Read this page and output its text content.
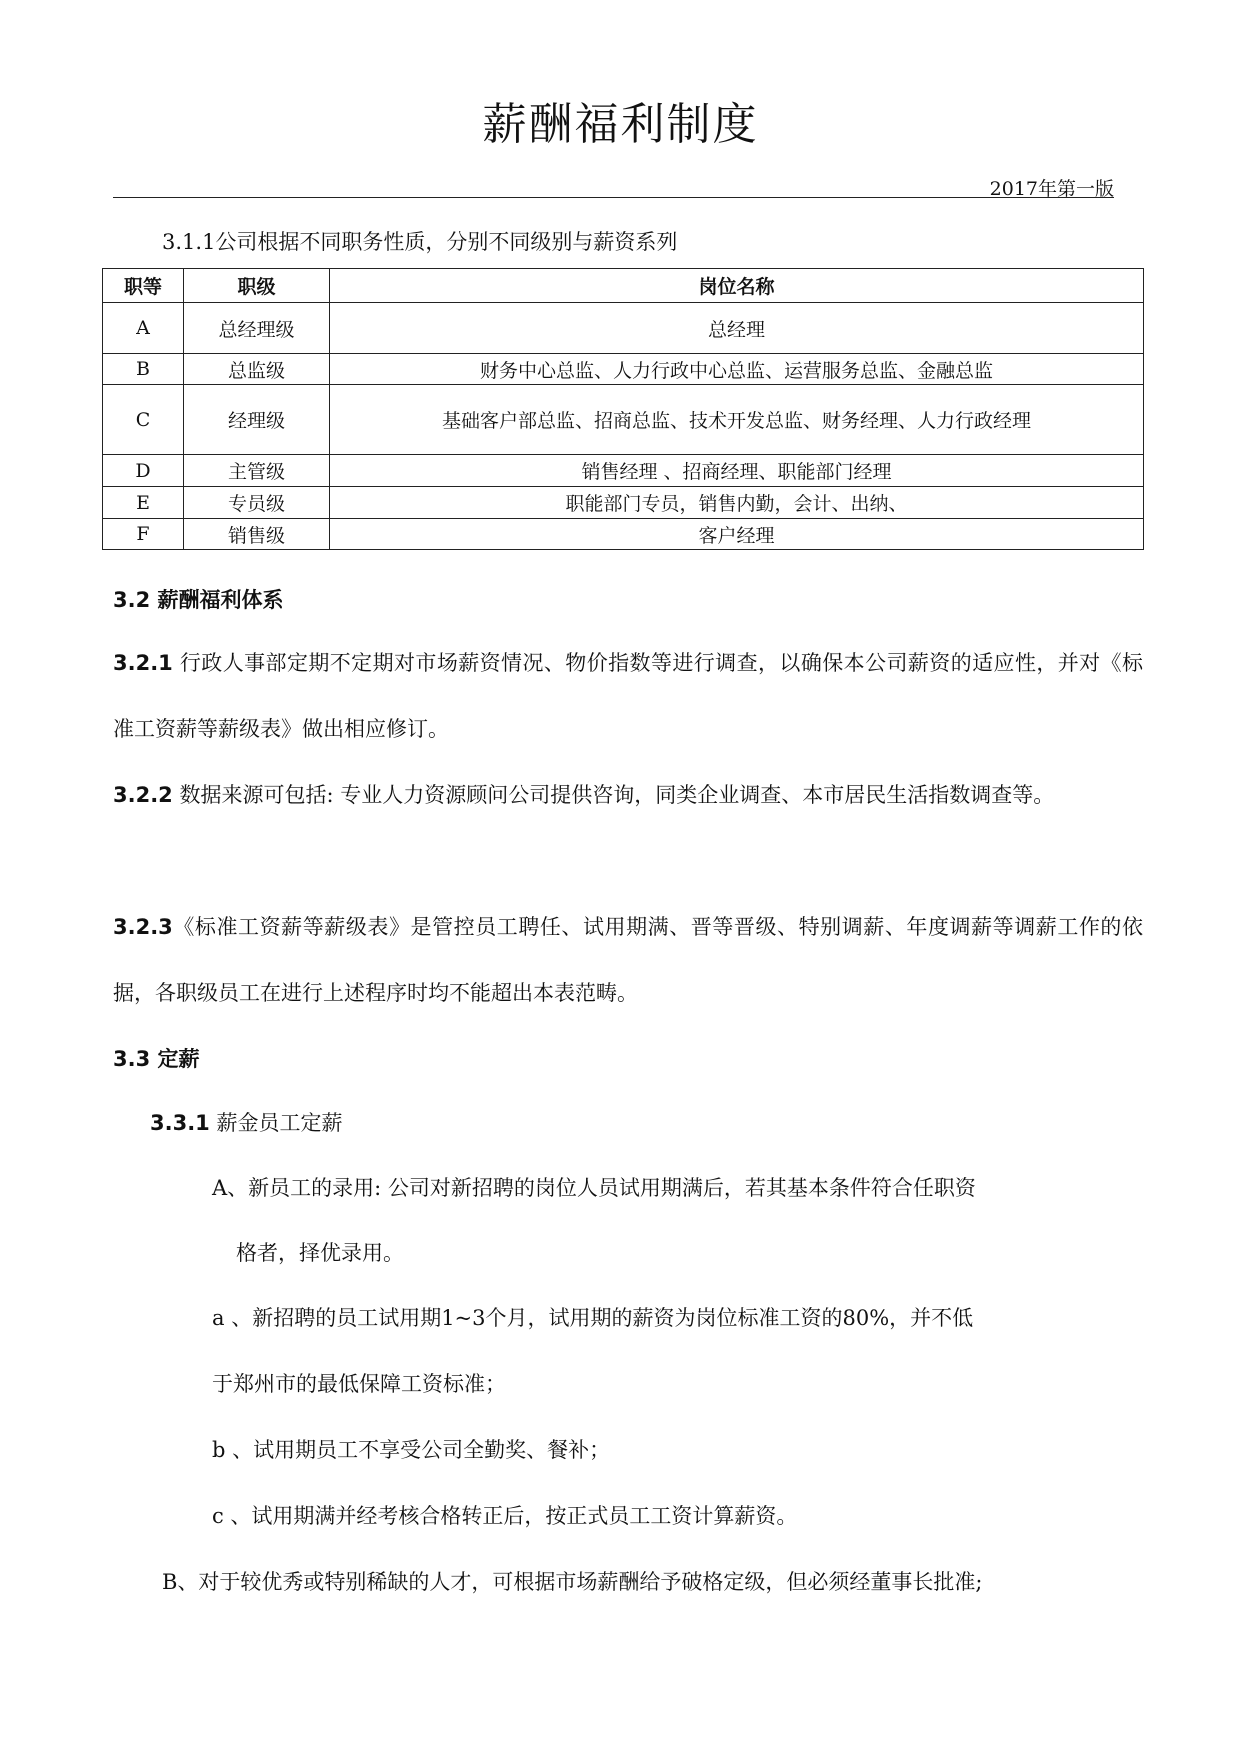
薪酬福利制度
2017年第一版
3.1.1公司根据不同职务性质，分别不同级别与薪资系列
职等	职级	岗位名称
A	总经理级	总经理
B	总监级	财务中心总监、人力行政中心总监、运营服务总监、金融总监
C	经理级	基础客户部总监、招商总监、技术开发总监、财务经理、人力行政经理
D	主管级	销售经理 、招商经理、职能部门经理
E	专员级	职能部门专员，销售内勤，会计、出纳、
F	销售级	客户经理
3.2 薪酬福利体系
3.2.1 行政人事部定期不定期对市场薪资情况、物价指数等进行调查，以确保本公司薪资的适应性，并对《标准工资薪等薪级表》做出相应修订。
3.2.2 数据来源可包括: 专业人力资源顾问公司提供咨询，同类企业调查、本市居民生活指数调查等。
3.2.3《标准工资薪等薪级表》是管控员工聘任、试用期满、晋等晋级、特别调薪、年度调薪等调薪工作的依据，各职级员工在进行上述程序时均不能超出本表范畴。
3.3 定薪
3.3.1 薪金员工定薪
A、新员工的录用: 公司对新招聘的岗位人员试用期满后，若其基本条件符合任职资
格者，择优录用。
a 、新招聘的员工试用期1~3个月，试用期的薪资为岗位标准工资的80%，并不低
于郑州市的最低保障工资标准；
b 、试用期员工不享受公司全勤奖、餐补；
c 、试用期满并经考核合格转正后，按正式员工工资计算薪资。
B、对于较优秀或特别稀缺的人才，可根据市场薪酬给予破格定级，但必须经董事长批准;
